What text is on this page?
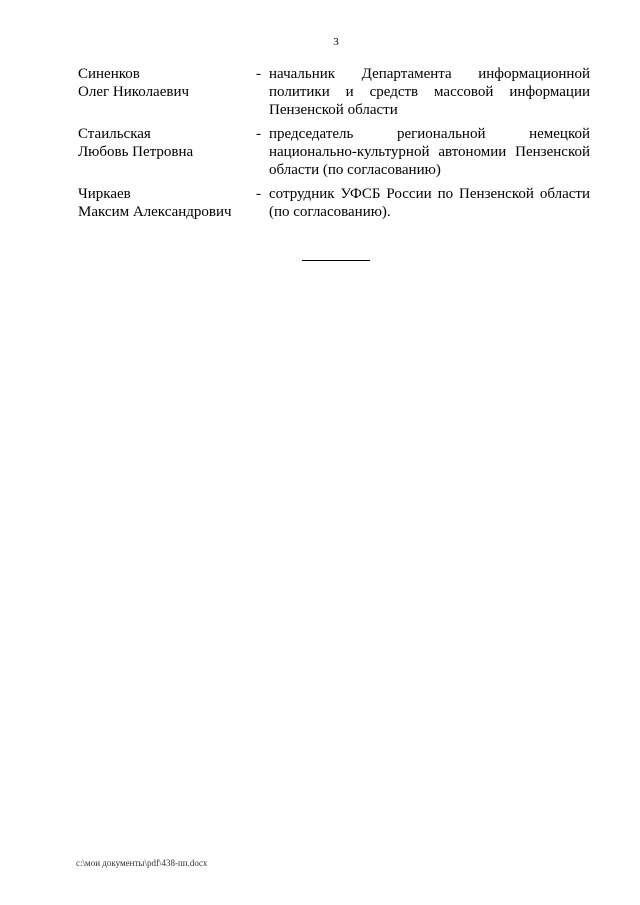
3
Синенков
Олег Николаевич
- начальник Департамента информационной политики и средств массовой информации Пензенской области
Стаильская
Любовь Петровна
- председатель региональной немецкой национально-культурной автономии Пензенской области (по согласованию)
Чиркаев
Максим Александрович
- сотрудник УФСБ России по Пензенской области (по согласованию).
c:\мои документы\pdf\438-пп.docx
